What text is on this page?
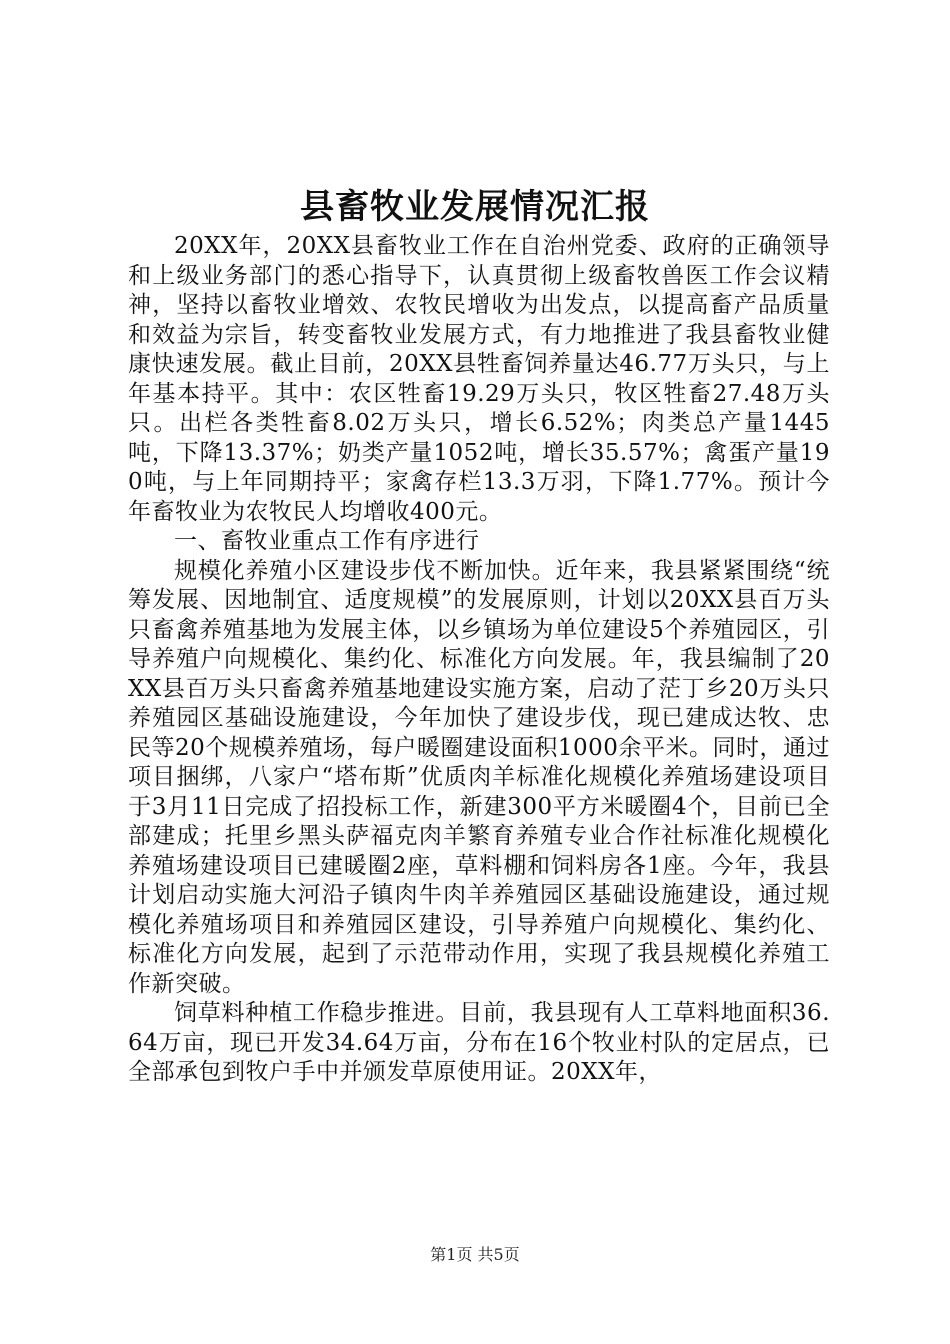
县畜牧业发展情况汇报

20XX年，20XX县畜牧业工作在自治州党委、政府的正确领导和上级业务部门的悉心指导下，认真贯彻上级畜牧兽医工作会议精神，坚持以畜牧业增效、农牧民增收为出发点，以提高畜产品质量和效益为宗旨，转变畜牧业发展方式，有力地推进了我县畜牧业健康快速发展。截止目前，20XX县牲畜饲养量达46.77万头只，与上年基本持平。其中：农区牲畜19.29万头只，牧区牲畜27.48万头只。出栏各类牲畜8.02万头只，增长6.52%；肉类总产量1445吨，下降13.37%；奶类产量1052吨，增长35.57%；禽蛋产量190吨，与上年同期持平；家禽存栏13.3万羽，下降1.77%。预计今年畜牧业为农牧民人均增收400元。

一、畜牧业重点工作有序进行

规模化养殖小区建设步伐不断加快。近年来，我县紧紧围绕“统筹发展、因地制宜、适度规模”的发展原则，计划以20XX县百万头只畜禽养殖基地为发展主体，以乡镇场为单位建设5个养殖园区，引导养殖户向规模化、集约化、标准化方向发展。年，我县编制了20XX县百万头只畜禽养殖基地建设实施方案，启动了茫丁乡20万头只养殖园区基础设施建设，今年加快了建设步伐，现已建成达牧、忠民等20个规模养殖场，每户暖圈建设面积1000余平米。同时，通过项目捆绑，八家户“塔布斯”优质肉羊标准化规模化养殖场建设项目于3月11日完成了招投标工作，新建300平方米暖圈4个，目前已全部建成；托里乡黑头萨福克肉羊繁育养殖专业合作社标准化规模化养殖场建设项目已建暖圈2座，草料棚和饲料房各1座。今年，我县计划启动实施大河沿子镇肉牛肉羊养殖园区基础设施建设，通过规模化养殖场项目和养殖园区建设，引导养殖户向规模化、集约化、标准化方向发展，起到了示范带动作用，实现了我县规模化养殖工作新突破。

饲草料种植工作稳步推进。目前，我县现有人工草料地面积36.64万亩，现已开发34.64万亩，分布在16个牧业村队的定居点，已全部承包到牧户手中并颁发草原使用证。20XX年，

第1页 共5页
